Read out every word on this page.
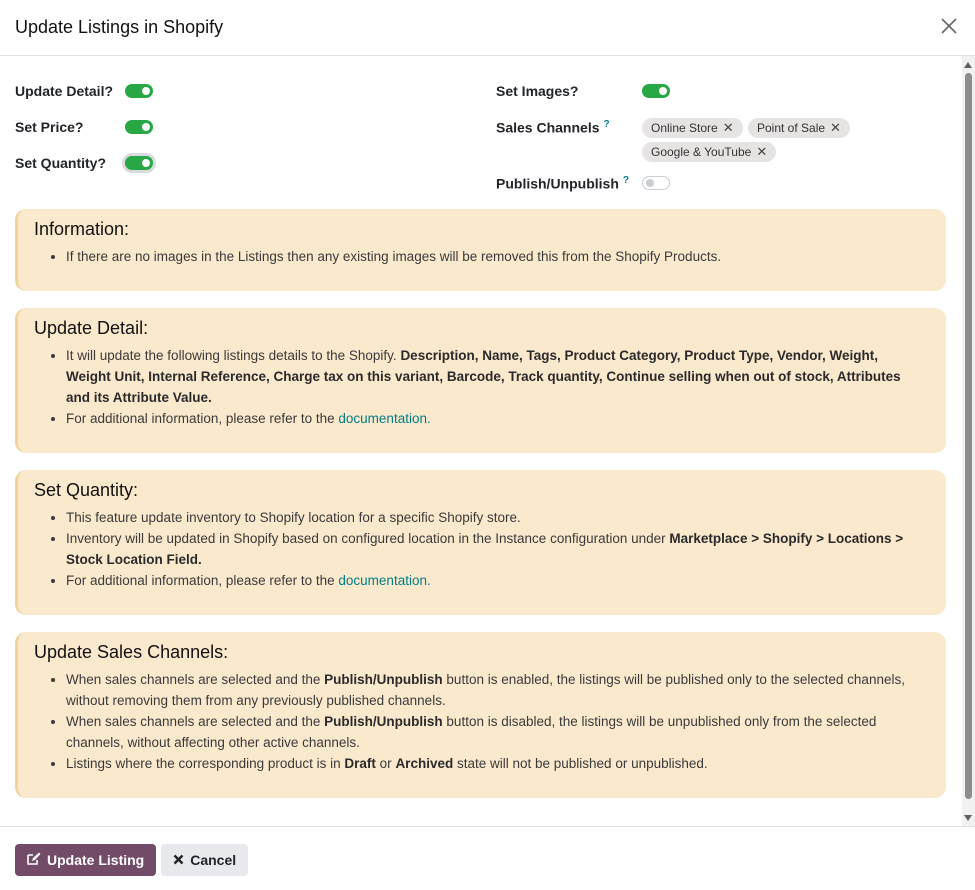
Update Listings in Shopify
Update Detail?
Set Price?
Set Quantity?
Set Images?
Sales Channels ?	Online Store ✕ Point of Sale ✕
Google & YouTube ✕
Publish/Unpublish ?
Information:
• If there are no images in the Listings then any existing images will be removed this from the Shopify Products.
Update Detail:
• It will update the following listings details to the Shopify. Description, Name, Tags, Product Category, Product Type, Vendor, Weight, Weight Unit, Internal Reference, Charge tax on this variant, Barcode, Track quantity, Continue selling when out of stock, Attributes and its Attribute Value.
• For additional information, please refer to the documentation.
Set Quantity:
• This feature update inventory to Shopify location for a specific Shopify store.
• Inventory will be updated in Shopify based on configured location in the Instance configuration under Marketplace > Shopify > Locations > Stock Location Field.
• For additional information, please refer to the documentation.
Update Sales Channels:
• When sales channels are selected and the Publish/Unpublish button is enabled, the listings will be published only to the selected channels, without removing them from any previously published channels.
• When sales channels are selected and the Publish/Unpublish button is disabled, the listings will be unpublished only from the selected channels, without affecting other active channels.
• Listings where the corresponding product is in Draft or Archived state will not be published or unpublished.
Update Listing	Cancel
